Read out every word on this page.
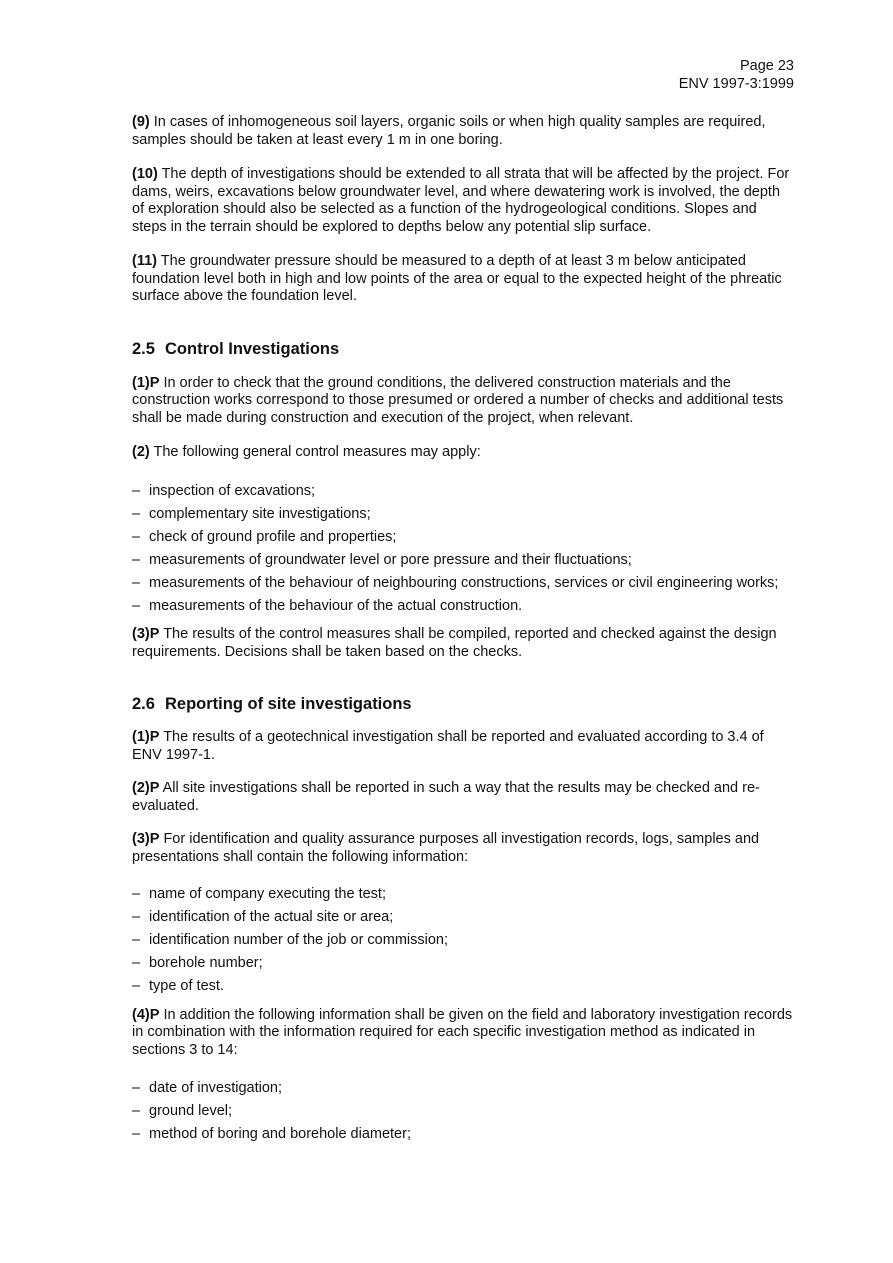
Page 23
ENV 1997-3:1999

(9) In cases of inhomogeneous soil layers, organic soils or when high quality samples are required, samples should be taken at least every 1 m in one boring.

(10) The depth of investigations should be extended to all strata that will be affected by the project. For dams, weirs, excavations below groundwater level, and where dewatering work is involved, the depth of exploration should also be selected as a function of the hydrogeological conditions. Slopes and steps in the terrain should be explored to depths below any potential slip surface.

(11) The groundwater pressure should be measured to a depth of at least 3 m below anticipated foundation level both in high and low points of the area or equal to the expected height of the phreatic surface above the foundation level.

2.5 Control Investigations

(1)P In order to check that the ground conditions, the delivered construction materials and the construction works correspond to those presumed or ordered a number of checks and additional tests shall be made during construction and execution of the project, when relevant.

(2) The following general control measures may apply:

– inspection of excavations;
– complementary site investigations;
– check of ground profile and properties;
– measurements of groundwater level or pore pressure and their fluctuations;
– measurements of the behaviour of neighbouring constructions, services or civil engineering works;
– measurements of the behaviour of the actual construction.

(3)P The results of the control measures shall be compiled, reported and checked against the design requirements. Decisions shall be taken based on the checks.

2.6 Reporting of site investigations

(1)P The results of a geotechnical investigation shall be reported and evaluated according to 3.4 of ENV 1997-1.

(2)P All site investigations shall be reported in such a way that the results may be checked and re-evaluated.

(3)P For identification and quality assurance purposes all investigation records, logs, samples and presentations shall contain the following information:

– name of company executing the test;
– identification of the actual site or area;
– identification number of the job or commission;
– borehole number;
– type of test.

(4)P In addition the following information shall be given on the field and laboratory investigation records in combination with the information required for each specific investigation method as indicated in sections 3 to 14:

– date of investigation;
– ground level;
– method of boring and borehole diameter;
